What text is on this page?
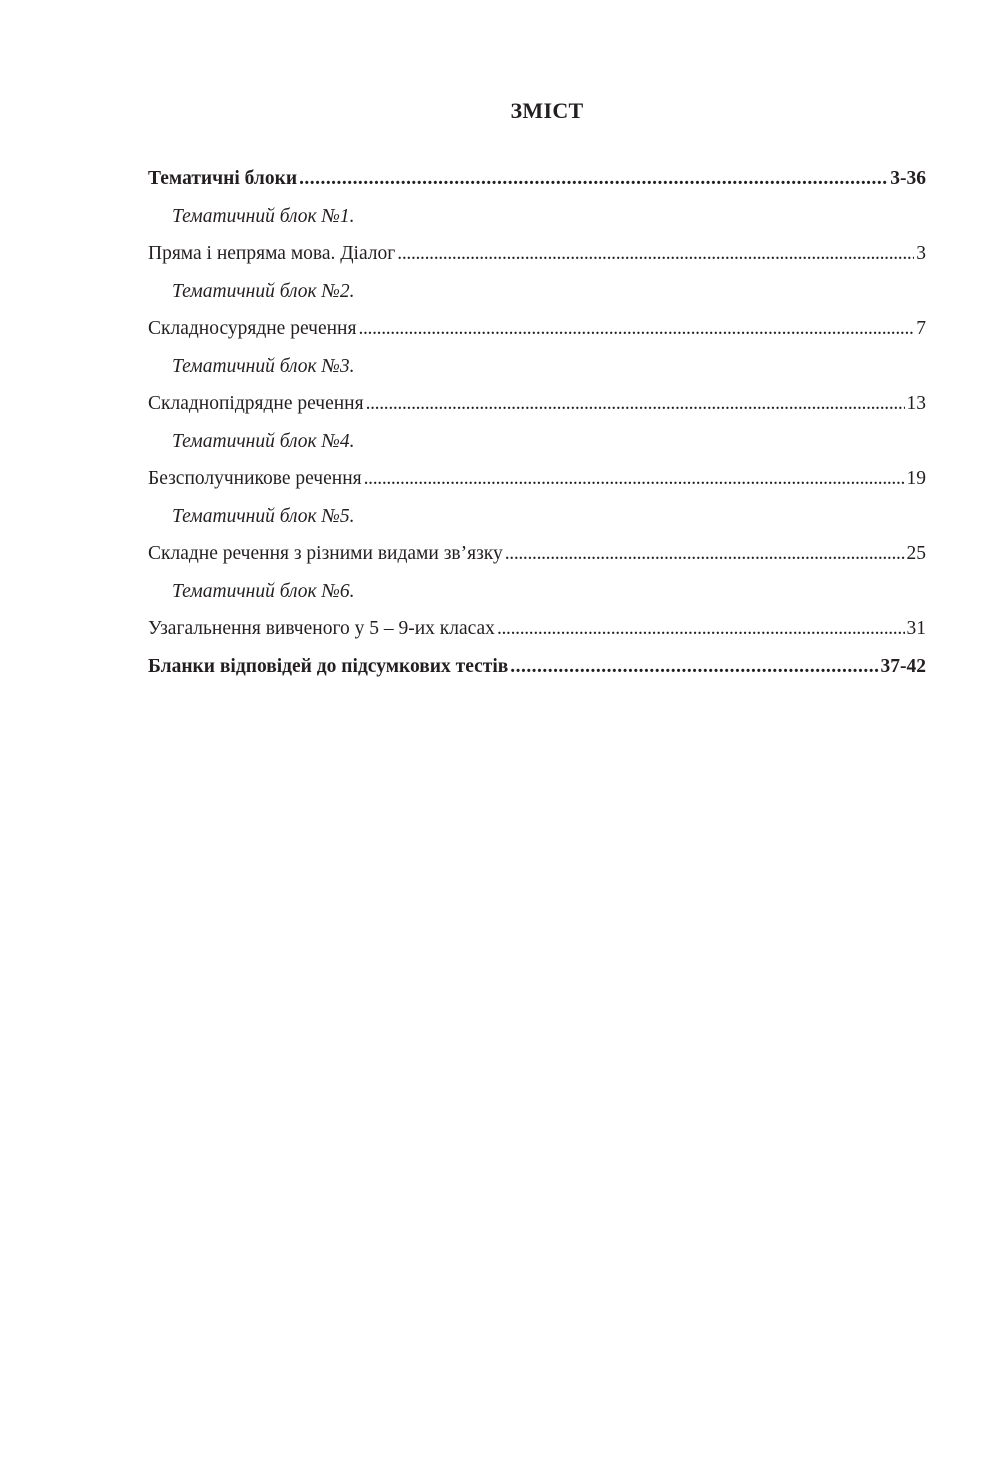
ЗМІСТ
Тематичні блоки . . .	3-36
Тематичний блок №1.
Пряма і непряма мова. Діалог . . .	3
Тематичний блок №2.
Складносурядне речення . . .	7
Тематичний блок №3.
Складнопідрядне речення . . .	13
Тематичний блок №4.
Безсполучникове речення . . .	19
Тематичний блок №5.
Складне речення з різними видами зв’язку . . .	25
Тематичний блок №6.
Узагальнення вивченого у 5 – 9-их класах . . .	31
Бланки відповідей до підсумкових тестів . . .	37-42
